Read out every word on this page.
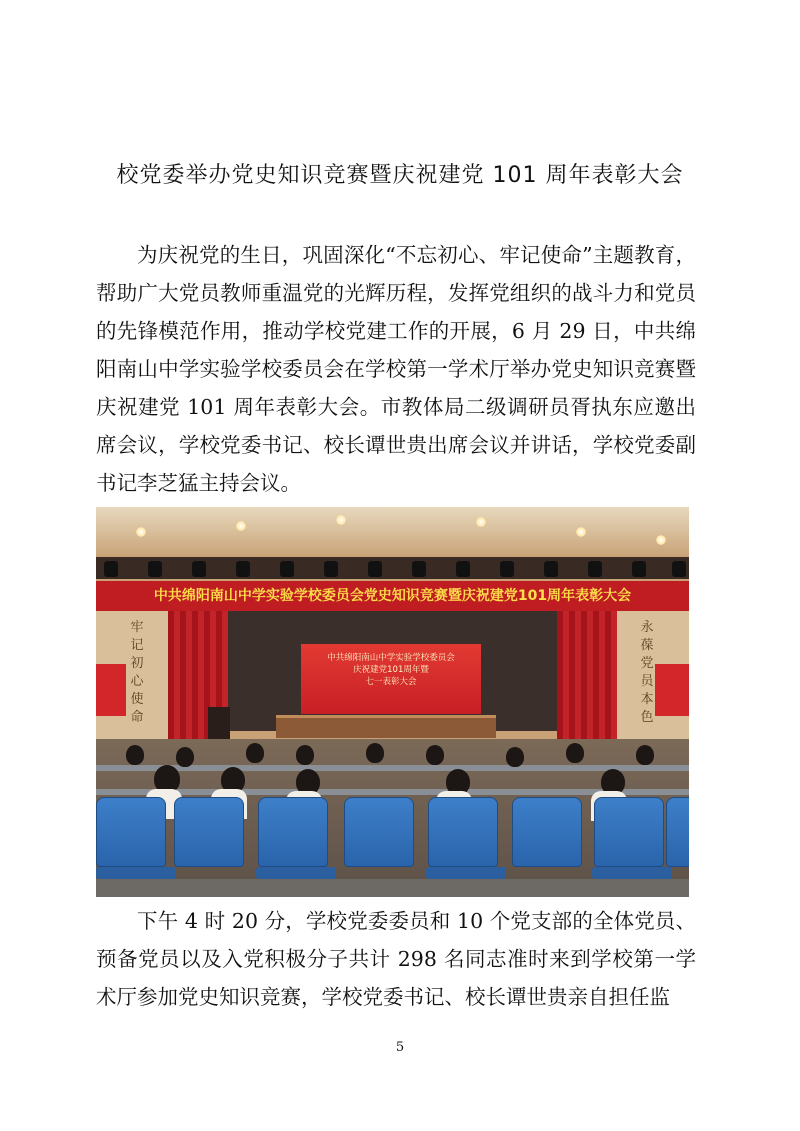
校党委举办党史知识竞赛暨庆祝建党 101 周年表彰大会

为庆祝党的生日，巩固深化“不忘初心、牢记使命”主题教育，帮助广大党员教师重温党的光辉历程，发挥党组织的战斗力和党员的先锋模范作用，推动学校党建工作的开展，6 月 29 日，中共绵阳南山中学实验学校委员会在学校第一学术厅举办党史知识竞赛暨庆祝建党 101 周年表彰大会。市教体局二级调研员胥执东应邀出席会议，学校党委书记、校长谭世贵出席会议并讲话，学校党委副书记李芝猛主持会议。

中共绵阳南山中学实验学校委员会党史知识竞赛暨庆祝建党101周年表彰大会
牢记初心使命
永葆党员本色
中共绵阳南山中学实验学校委员会
庆祝建党101周年暨
七一表彰大会

下午 4 时 20 分，学校党委委员和 10 个党支部的全体党员、预备党员以及入党积极分子共计 298 名同志准时来到学校第一学术厅参加党史知识竞赛，学校党委书记、校长谭世贵亲自担任监

5
